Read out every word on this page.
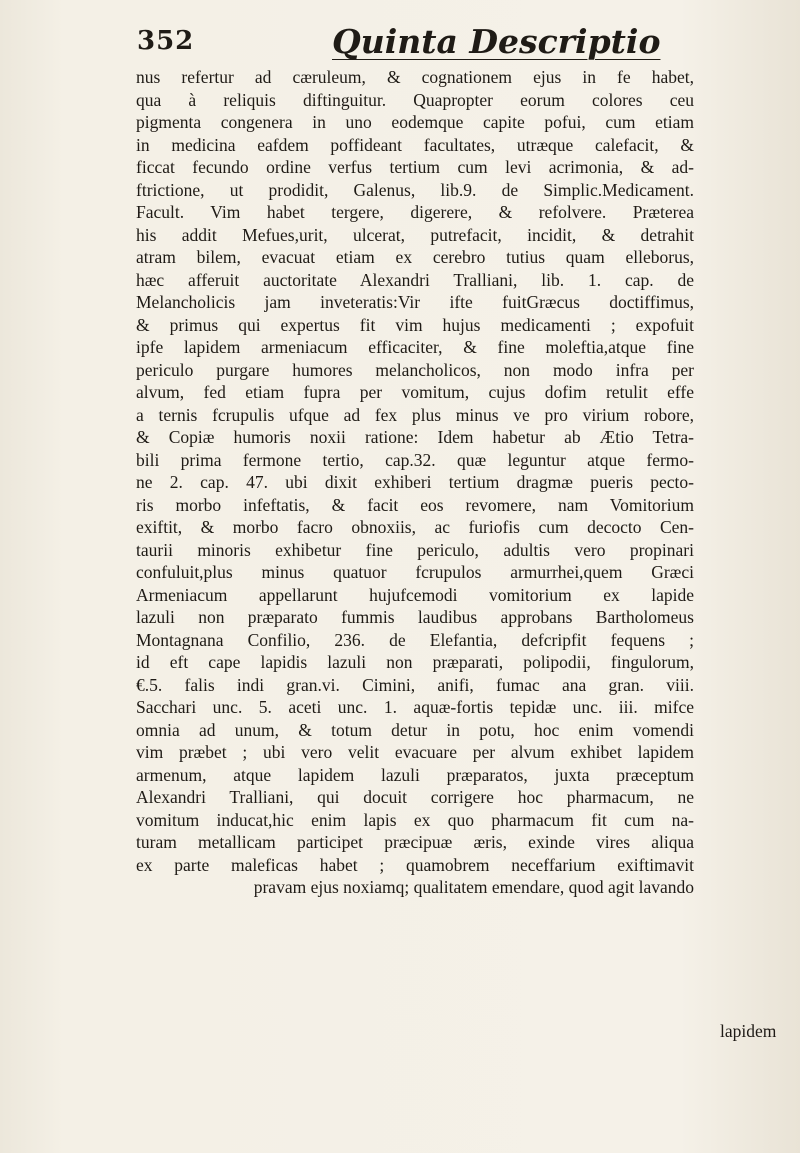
352	Quinta Descriptio
nus refertur ad cæruleum, & cognationem ejus in fe habet,
qua à reliquis diftinguitur. Quapropter eorum colores ceu
pigmenta congenera in uno eodemque capite pofui, cum etiam
in medicina eafdem poffideant facultates, utræque calefacit, &
ficcat fecundo ordine verfus tertium cum levi acrimonia, & ad-
ftrictione, ut prodidit, Galenus, lib.9. de Simplic.Medicament.
Facult. Vim habet tergere, digerere, & refolvere. Præterea
his addit Mefues,urit, ulcerat, putrefacit, incidit, & detrahit
atram bilem, evacuat etiam ex cerebro tutius quam elleborus,
hæc afferuit auctoritate Alexandri Tralliani, lib. 1. cap. de
Melancholicis jam inveteratis:Vir ifte fuitGræcus doctiffimus,
& primus qui expertus fit vim hujus medicamenti ; expofuit
ipfe lapidem armeniacum efficaciter, & fine moleftia,atque fine
periculo purgare humores melancholicos, non modo infra per
alvum, fed etiam fupra per vomitum, cujus dofim retulit effe
a ternis fcrupulis ufque ad fex plus minus ve pro virium robore,
& Copiæ humoris noxii ratione: Idem habetur ab Ætio Tetra-
bili prima fermone tertio, cap.32. quæ leguntur atque fermo-
ne 2. cap. 47. ubi dixit exhiberi tertium dragmæ pueris pecto-
ris morbo infeftatis, & facit eos revomere, nam Vomitorium
exiftit, & morbo facro obnoxiis, ac furiofis cum decocto Cen-
taurii minoris exhibetur fine periculo, adultis vero propinari
confuluit,plus minus quatuor fcrupulos armurrhei,quem Græci
Armeniacum appellarunt hujufcemodi vomitorium ex lapide
lazuli non præparato fummis laudibus approbans Bartholomeus
Montagnana Confilio, 236. de Elefantia, defcripfit fequens ;
id eft cape lapidis lazuli non præparati, polipodii, fingulorum,
€.5. falis indi gran.vi. Cimini, anifi, fumac ana gran. viii.
Sacchari unc. 5. aceti unc. 1. aquæ-fortis tepidæ unc. iii. mifce
omnia ad unum, & totum detur in potu, hoc enim vomendi
vim præbet ; ubi vero velit evacuare per alvum exhibet lapidem
armenum, atque lapidem lazuli præparatos, juxta præceptum
Alexandri Tralliani, qui docuit corrigere hoc pharmacum, ne
vomitum inducat,hic enim lapis ex quo pharmacum fit cum na-
turam metallicam participet præcipuæ æris, exinde vires aliqua
ex parte maleficas habet ; quamobrem neceffarium exiftimavit
pravam ejus noxiamq; qualitatem emendare, quod agit lavando
lapidem
